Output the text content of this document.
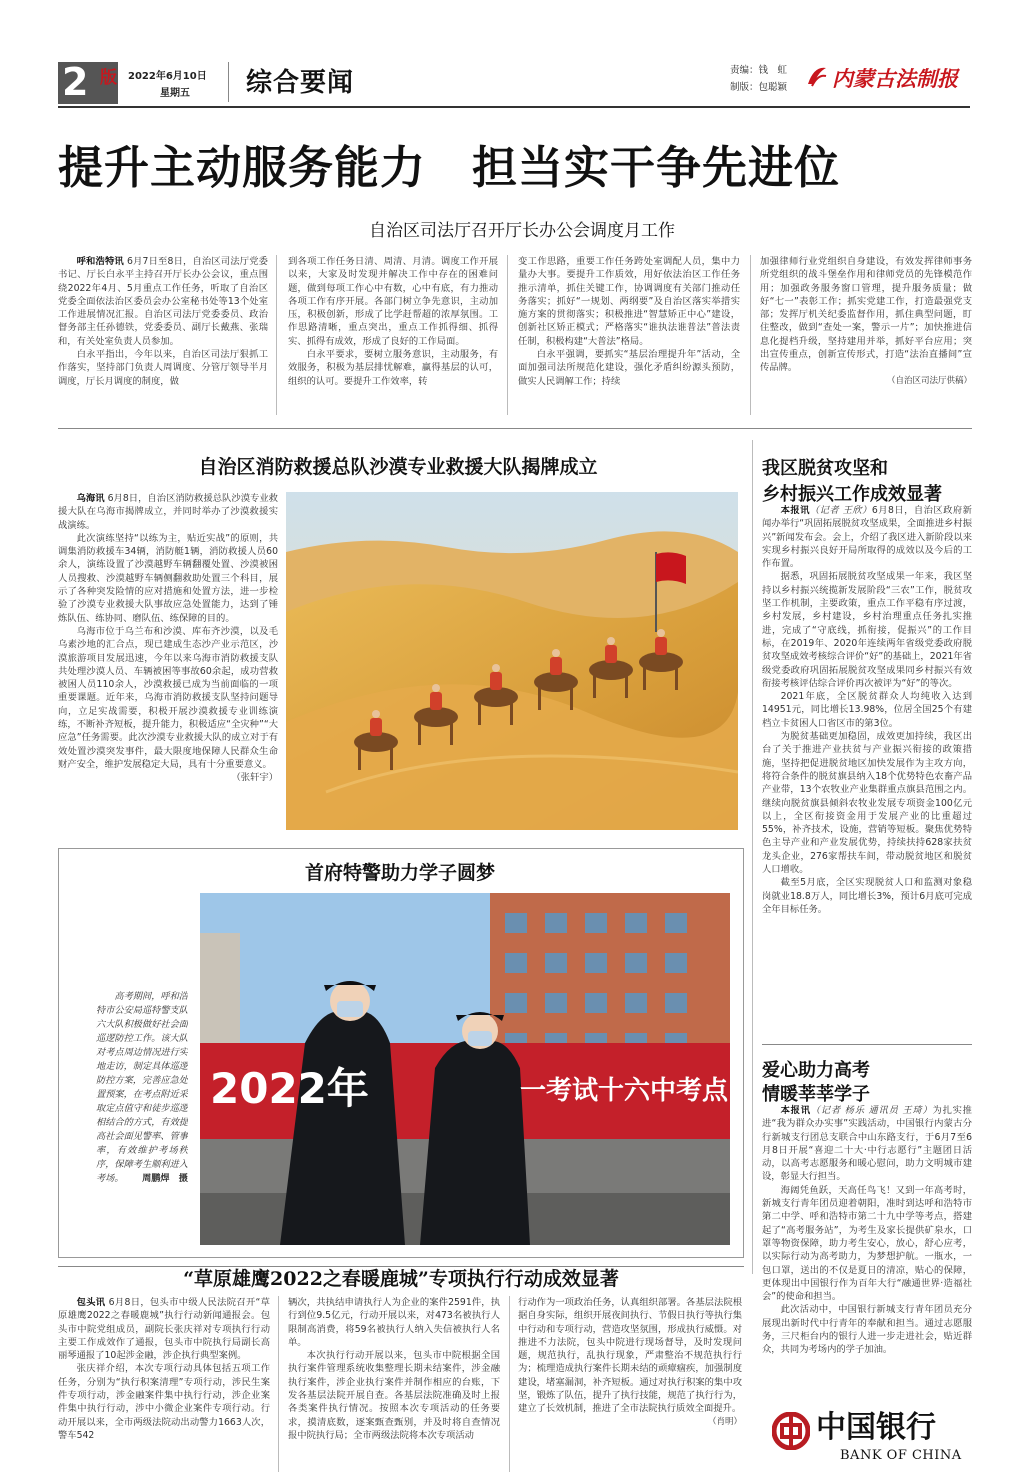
2 版 2022年6月10日
星期五 综合要闻	责编：钱　虹
制版：包聪颖 内蒙古法制报
提升主动服务能力　担当实干争先进位
自治区司法厅召开厅长办公会调度月工作

呼和浩特讯 6月7日至8日，自治区司法厅党委书记、厅长白永平主持召开厅长办公会议，重点围绕2022年4月、5月重点工作任务，听取了自治区党委全面依法治区委员会办公室秘书处等13个处室工作进展情况汇报。自治区司法厅党委委员、政治督务部主任孙德铁，党委委员、副厅长戴燕、张瑞和，有关处室负责人员参加。

白永平指出，今年以来，自治区司法厅狠抓工作落实，坚持部门负责人周调度、分管厅领导半月调度，厅长月调度的制度，做

到各项工作任务日清、周清、月清。调度工作开展以来，大家及时发现并解决工作中存在的困难问题，做到每项工作心中有数，心中有底，有力推动各项工作有序开展。各部门树立争先意识，主动加压，积极创新，形成了比学赶帮超的浓厚氛围。工作思路清晰，重点突出，重点工作抓得细、抓得实、抓得有成效，形成了良好的工作局面。

白永平要求，要树立服务意识，主动服务，有效服务，积极为基层排忧解难，赢得基层的认可，组织的认可。要提升工作效率，转

变工作思路，重要工作任务跨处室调配人员，集中力量办大事。要提升工作质效，用好依法治区工作任务推示清单，抓住关键工作，协调调度有关部门推动任务落实；抓好“一规划、两纲要”及自治区落实举措实施方案的贯彻落实；积极推进“智慧矫正中心”建设，创新社区矫正模式；严格落实“谁执法谁普法”普法责任制，积极构建“大普法”格局。

白永平强调，要抓实“基层治理提升年”活动，全面加强司法所规范化建设，强化矛盾纠纷源头预防，做实人民调解工作；持续

加强律师行业党组织自身建设，有效发挥律师事务所党组织的战斗堡垒作用和律师党员的先锋模范作用；加强政务服务窗口管理，提升服务质量；做好“七一”表彰工作；抓实党建工作，打造最强党支部；发挥厅机关纪委监督作用，抓住典型问题，盯住整改，做到“查处一案，警示一片”；加快推进信息化提档升级，坚持建用并举，抓好平台应用；突出宣传重点，创新宣传形式，打造“法治直播间”宣传品牌。

（自治区司法厅供稿）

自治区消防救援总队沙漠专业救援大队揭牌成立

乌海讯 6月8日，自治区消防救援总队沙漠专业救援大队在乌海市揭牌成立，并同时举办了沙漠救援实战演练。

此次演练坚持“以练为主，贴近实战”的原则，共调集消防救援车34辆，消防艇1辆，消防救援人员60余人，演练设置了沙漠越野车辆翻覆处置、沙漠被困人员搜救、沙漠越野车辆侧翻救助处置三个科目，展示了各种突发险情的应对措施和处置方法，进一步检验了沙漠专业救援大队事故应急处置能力，达到了锤炼队伍、练协同、磨队伍、练保障的目的。

乌海市位于乌兰布和沙漠、库布齐沙漠，以及毛乌素沙地的汇合点，现已建成生态沙产业示范区，沙漠旅游项目发展迅速，今年以来乌海市消防救援支队共处理沙漠人员、车辆被困等事故60余起，成功营救被困人员110余人，沙漠救援已成为当前面临的一项重要课题。近年来，乌海市消防救援支队坚持问题导向，立足实战需要，积极开展沙漠救援专业训练演练，不断补齐短板，提升能力，积极适应“全灾种”“大应急”任务需要。此次沙漠专业救援大队的成立对于有效处置沙漠突发事件，最大限度地保障人民群众生命财产安全，维护发展稳定大局，具有十分重要意义。

（张轩宇）

首府特警助力学子圆梦

高考期间，呼和浩特市公安局巡特警支队六大队积极做好社会面巡逻防控工作。该大队对考点周边情况进行实地走访，制定具体巡逻防控方案，完善应急处置预案，在考点附近采取定点值守和徒步巡逻相结合的方式，有效提高社会面见警率、管事率，有效维护考场秩序，保障考生顺利进入考场。	周鹏焊　摄

2022年	一考试十六中考点
我区脱贫攻坚和
乡村振兴工作成效显著

本报讯（记者 王欣）6月8日，自治区政府新闻办举行“巩固拓展脱贫攻坚成果，全面推进乡村振兴”新闻发布会。会上，介绍了我区进入新阶段以来实现乡村振兴良好开局所取得的成效以及今后的工作布置。

据悉，巩固拓展脱贫攻坚成果一年来，我区坚持以乡村振兴统揽新发展阶段“三农”工作，脱贫攻坚工作机制，主要政策，重点工作平稳有序过渡，乡村发展，乡村建设，乡村治理重点任务扎实推进，完成了“守底线，抓衔接，促振兴”的工作目标，在2019年、2020年连续两年省级党委政府脱贫攻坚成效考核综合评价“好”的基础上，2021年省级党委政府巩固拓展脱贫攻坚成果同乡村振兴有效衔接考核评估综合评价再次被评为“好”的等次。

2021年底，全区脱贫群众人均纯收入达到14951元，同比增长13.98%，位居全国25个有建档立卡贫困人口省区市的第3位。

为脱贫基础更加稳固，成效更加持续，我区出台了关于推进产业扶贫与产业振兴衔接的政策措施，坚持把促进脱贫地区加快发展作为主攻方向，将符合条件的脱贫旗县纳入18个优势特色农畜产品产业带，13个农牧业产业集群重点旗县范围之内。继续向脱贫旗县倾斜农牧业发展专项资金100亿元以上，全区衔接资金用于发展产业的比重超过55%，补齐技术，设施，营销等短板。聚焦优势特色主导产业和产业发展优势，持续扶持628家扶贫龙头企业，276家帮扶车间，带动脱贫地区和脱贫人口增收。

截至5月底，全区实现脱贫人口和监测对象稳岗就业18.8万人，同比增长3%，预计6月底可完成全年目标任务。

爱心助力高考
情暖莘莘学子

本报讯（记者 杨乐 通讯员 王琦）为扎实推进“我为群众办实事”实践活动，中国银行内蒙古分行新城支行团总支联合中山东路支行，于6月7至6月8日开展“喜迎二十大·中行志愿行”主题团日活动，以高考志愿服务和暖心慰问，助力文明城市建设，彰显大行担当。

海阔凭鱼跃，天高任鸟飞！又到一年高考时，新城支行青年团员迎着朝阳，准时到达呼和浩特市第二中学、呼和浩特市第二十九中学等考点，搭建起了“高考服务站”，为考生及家长提供矿泉水，口罩等物资保障，助力考生安心，放心，舒心应考，以实际行动为高考助力，为梦想护航。一瓶水，一包口罩，送出的不仅是夏日的清凉，贴心的保障，更体现出中国银行作为百年大行“融通世界·造福社会”的使命和担当。

此次活动中，中国银行新城支行青年团员充分展现出新时代中行青年的奉献和担当。通过志愿服务，三尺柜台内的银行人进一步走进社会，贴近群众，共同为考场内的学子加油。

中国银行
BANK OF CHINA
“草原雄鹰2022之春暖鹿城”专项执行行动成效显著

包头讯 6月8日，包头市中级人民法院召开“草原雄鹰2022之春暖鹿城”执行行动新闻通报会。包头市中院党组成员，副院长张庆祥对专项执行行动主要工作成效作了通报，包头市中院执行局副长高丽琴通报了10起涉金融，涉企执行典型案例。

张庆祥介绍，本次专项行动具体包括五项工作任务，分别为“执行积案清理”专项行动，涉民生案件专项行动，涉金融案件集中执行行动，涉企业案件集中执行行动，涉中小微企业案件专项行动。行动开展以来，全市两级法院动出动警力1663人次，警车542

辆次，共执结申请执行人为企业的案件2591件，执行到位9.5亿元，行动开展以来，对473名被执行人限制高消费，将59名被执行人纳入失信被执行人名单。

本次执行行动开展以来，包头市中院根据全国执行案件管理系统收集整理长期未结案件，涉金融执行案件，涉企业执行案件并制作相应的台账，下发各基层法院开展自查。各基层法院准确及时上报各类案件执行情况。按照本次专项活动的任务要求，摸清底数，逐案甄查甄别，并及时将自查情况报中院执行局；全市两级法院将本次专项活动

行动作为一项政治任务，认真组织部署。各基层法院根据自身实际，组织开展夜间执行、节假日执行等执行集中行动和专项行动，营造攻坚氛围，形成执行威慑。对推进不力法院，包头中院进行现场督导，及时发现问题，规范执行，乱执行现象，严肃整治不规范执行行为；梳理造成执行案件长期未结的顽瘴痼疾，加强制度建设，堵塞漏洞，补齐短板。通过对执行积案的集中攻坚，锻炼了队伍，提升了执行技能，规范了执行行为，建立了长效机制，推进了全市法院执行质效全面提升。

（肖明）
